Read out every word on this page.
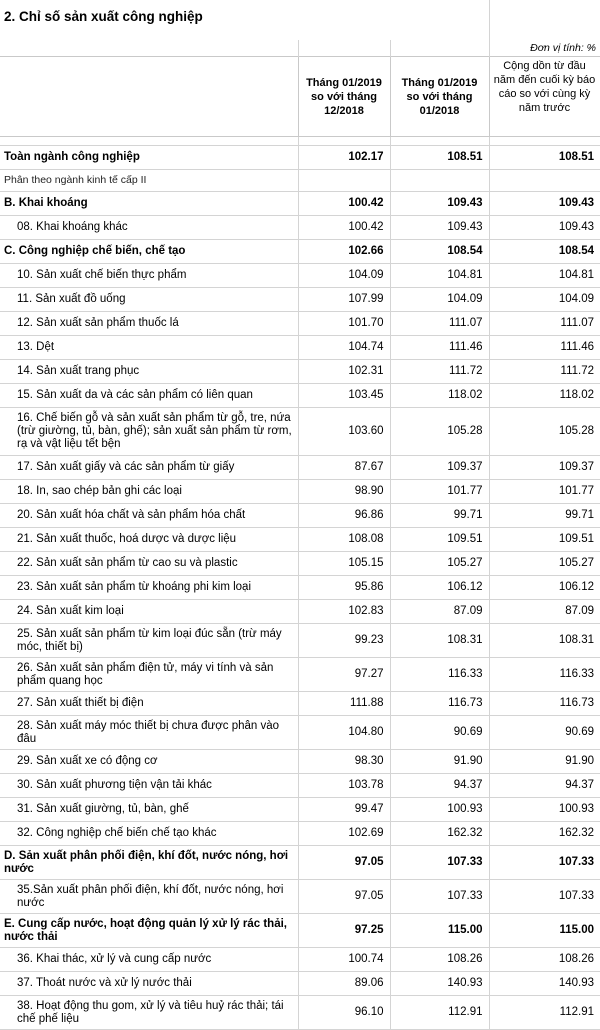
2. Chỉ số sản xuất công nghiệp			
			Đơn vị tính: %
	Tháng 01/2019 so với tháng 12/2018	Tháng 01/2019 so với tháng 01/2018	Cộng dồn từ đầu năm đến cuối kỳ báo cáo so với cùng kỳ năm trước

Toàn ngành công nghiệp	102.17	108.51	108.51
Phân theo ngành kinh tế cấp II			
B. Khai khoáng	100.42	109.43	109.43
08. Khai khoáng khác	100.42	109.43	109.43
C. Công nghiệp chế biến, chế tạo	102.66	108.54	108.54
10. Sản xuất chế biến thực phẩm	104.09	104.81	104.81
11. Sản xuất đồ uống	107.99	104.09	104.09
12. Sản xuất sản phẩm thuốc lá	101.70	111.07	111.07
13. Dệt	104.74	111.46	111.46
14. Sản xuất trang phục	102.31	111.72	111.72
15. Sản xuất da và các sản phẩm có liên quan	103.45	118.02	118.02
16. Chế biến gỗ và sản xuất sản phẩm từ gỗ, tre, nứa (trừ giường, tủ, bàn, ghế); sản xuất sản phẩm từ rơm, rạ và vật liệu tết bện	103.60	105.28	105.28
17. Sản xuất giấy và các sản phẩm từ giấy	87.67	109.37	109.37
18. In, sao chép bản ghi các loại	98.90	101.77	101.77
20. Sản xuất hóa chất và sản phẩm hóa chất	96.86	99.71	99.71
21. Sản xuất thuốc, hoá dược và dược liệu	108.08	109.51	109.51
22. Sản xuất sản phẩm từ cao su và plastic	105.15	105.27	105.27
23. Sản xuất sản phẩm từ khoáng phi kim loại	95.86	106.12	106.12
24. Sản xuất kim loại	102.83	87.09	87.09
25. Sản xuất sản phẩm từ kim loại đúc sẵn (trừ máy móc, thiết bị)	99.23	108.31	108.31
26. Sản xuất sản phẩm điện tử, máy vi tính và sản phẩm quang học	97.27	116.33	116.33
27. Sản xuất thiết bị điện	111.88	116.73	116.73
28. Sản xuất máy móc thiết bị chưa được phân vào đâu	104.80	90.69	90.69
29. Sản xuất xe có động cơ	98.30	91.90	91.90
30. Sản xuất phương tiện vận tải khác	103.78	94.37	94.37
31. Sản xuất giường, tủ, bàn, ghế	99.47	100.93	100.93
32. Công nghiệp chế biến chế tạo khác	102.69	162.32	162.32
D. Sản xuất phân phối điện, khí đốt, nước nóng, hơi nước	97.05	107.33	107.33
35.Sản xuất phân phối điện, khí đốt, nước nóng, hơi nước	97.05	107.33	107.33
E. Cung cấp nước, hoạt động quản lý xử lý rác thải, nước thải	97.25	115.00	115.00
36. Khai thác, xử lý và cung cấp nước	100.74	108.26	108.26
37. Thoát nước và xử lý nước thải	89.06	140.93	140.93
38. Hoạt động thu gom, xử lý và tiêu huỷ rác thải; tái chế phế liệu	96.10	112.91	112.91
